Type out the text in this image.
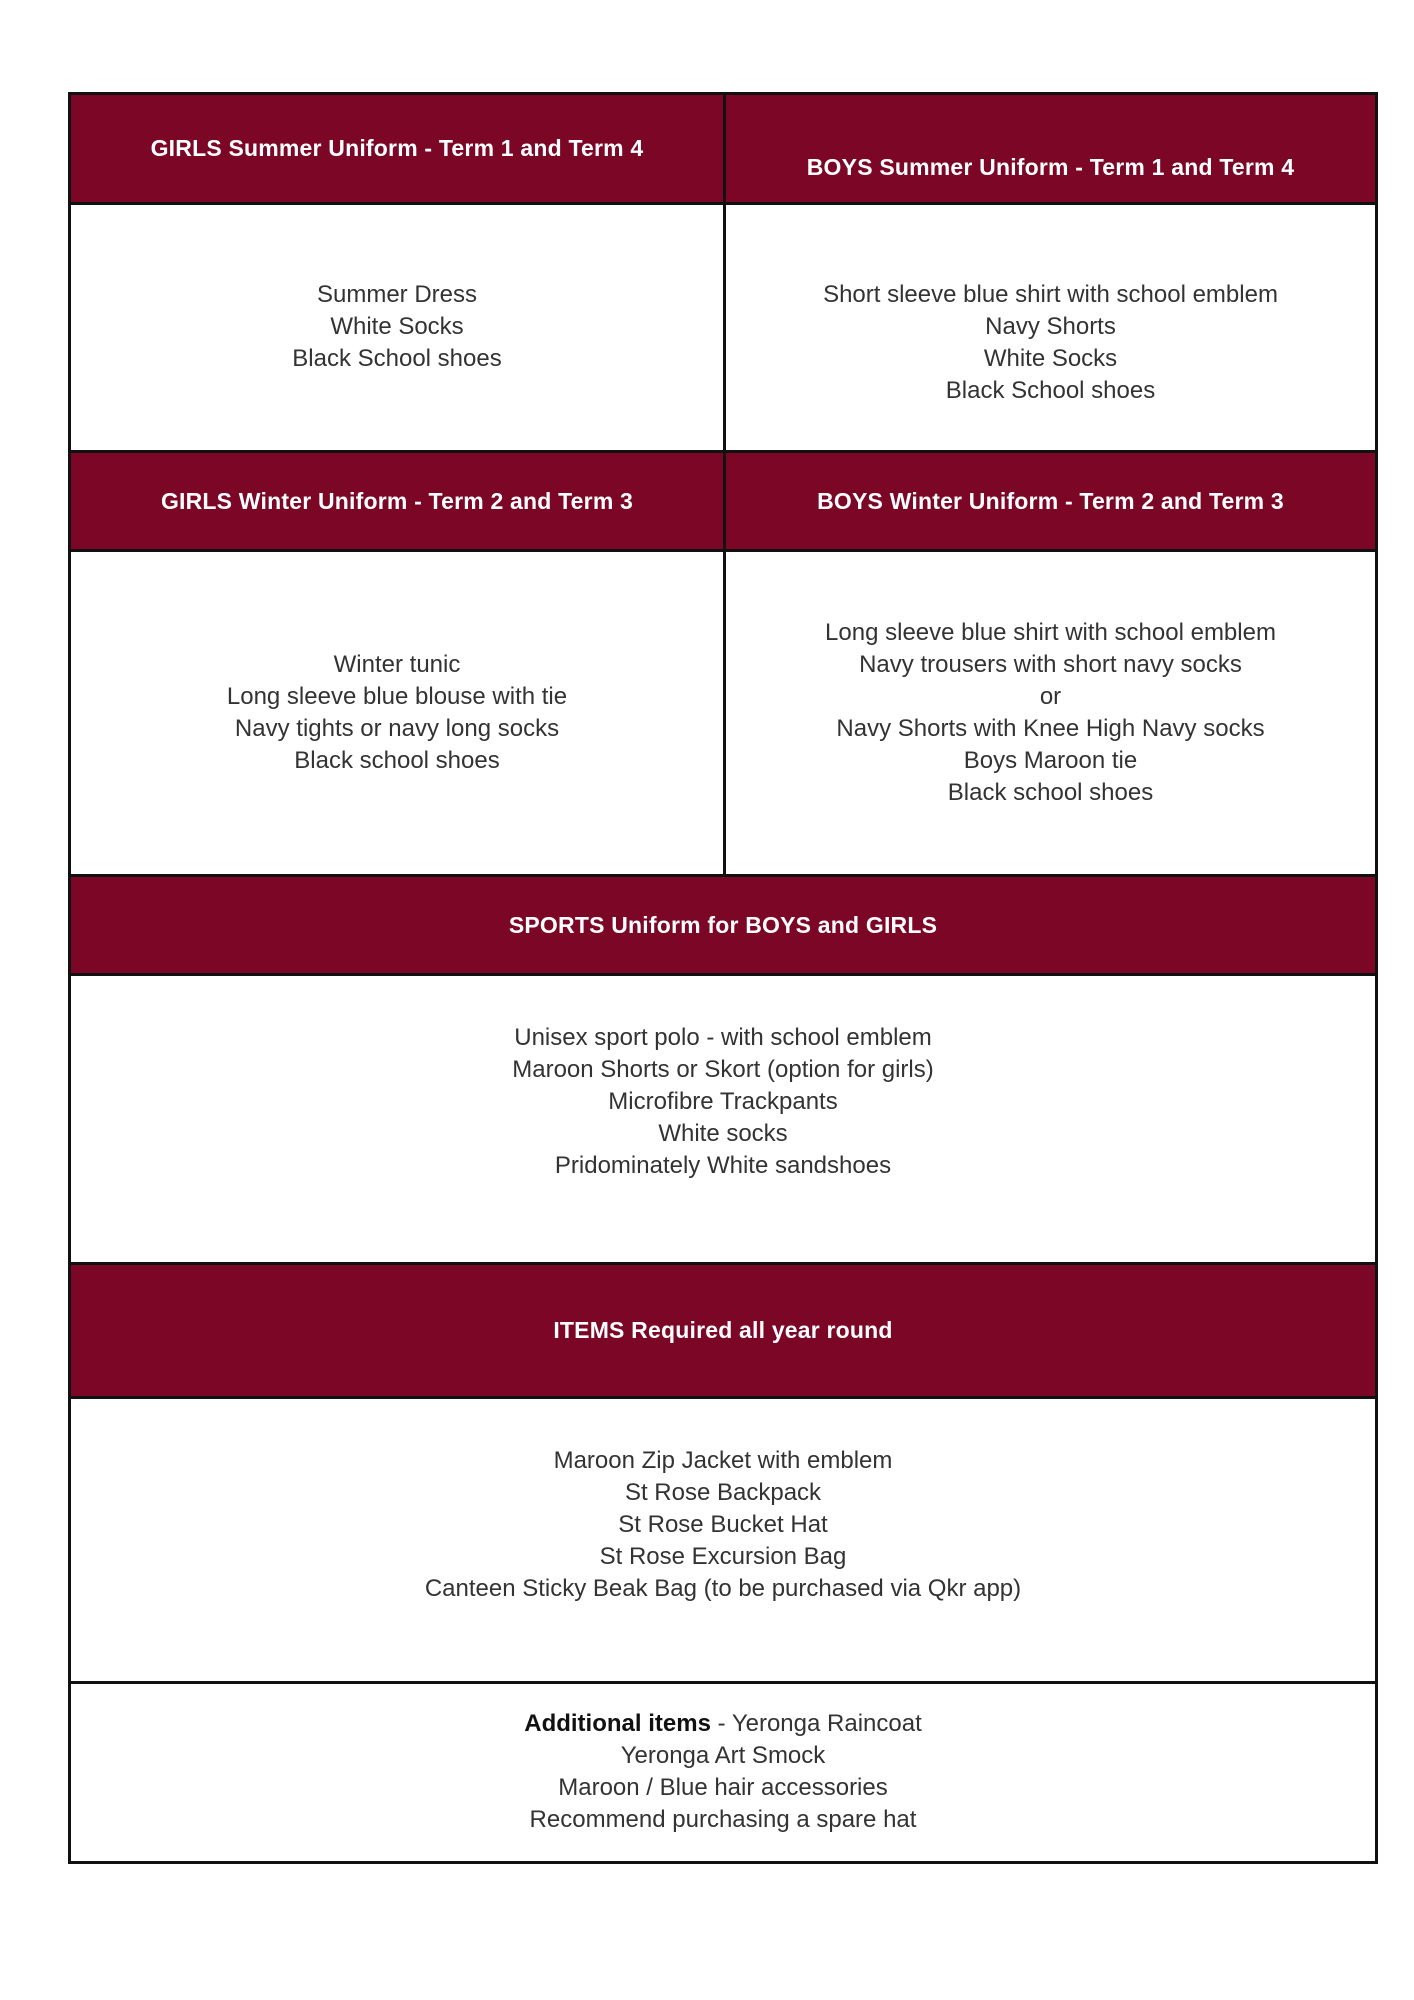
GIRLS Summer Uniform - Term 1 and Term 4
BOYS Summer Uniform - Term 1 and Term 4
Summer Dress
White Socks
Black School shoes
Short sleeve blue shirt with school emblem
Navy Shorts
White Socks
Black School shoes
GIRLS Winter Uniform - Term 2 and Term 3	BOYS Winter Uniform - Term 2 and Term 3
Winter tunic
Long sleeve blue blouse with tie
Navy tights or navy long socks
Black school shoes
Long sleeve blue shirt with school emblem
Navy trousers with short navy socks
or
Navy Shorts with Knee High Navy socks
Boys Maroon tie
Black school shoes
SPORTS Uniform for BOYS and GIRLS
Unisex sport polo - with school emblem
Maroon Shorts or Skort (option for girls)
Microfibre Trackpants
White socks
Pridominately White sandshoes
ITEMS Required all year round
Maroon Zip Jacket with emblem
St Rose Backpack
St Rose Bucket Hat
St Rose Excursion Bag
Canteen Sticky Beak Bag (to be purchased via Qkr app)
Additional items - Yeronga Raincoat
Yeronga Art Smock
Maroon / Blue hair accessories
Recommend purchasing a spare hat
